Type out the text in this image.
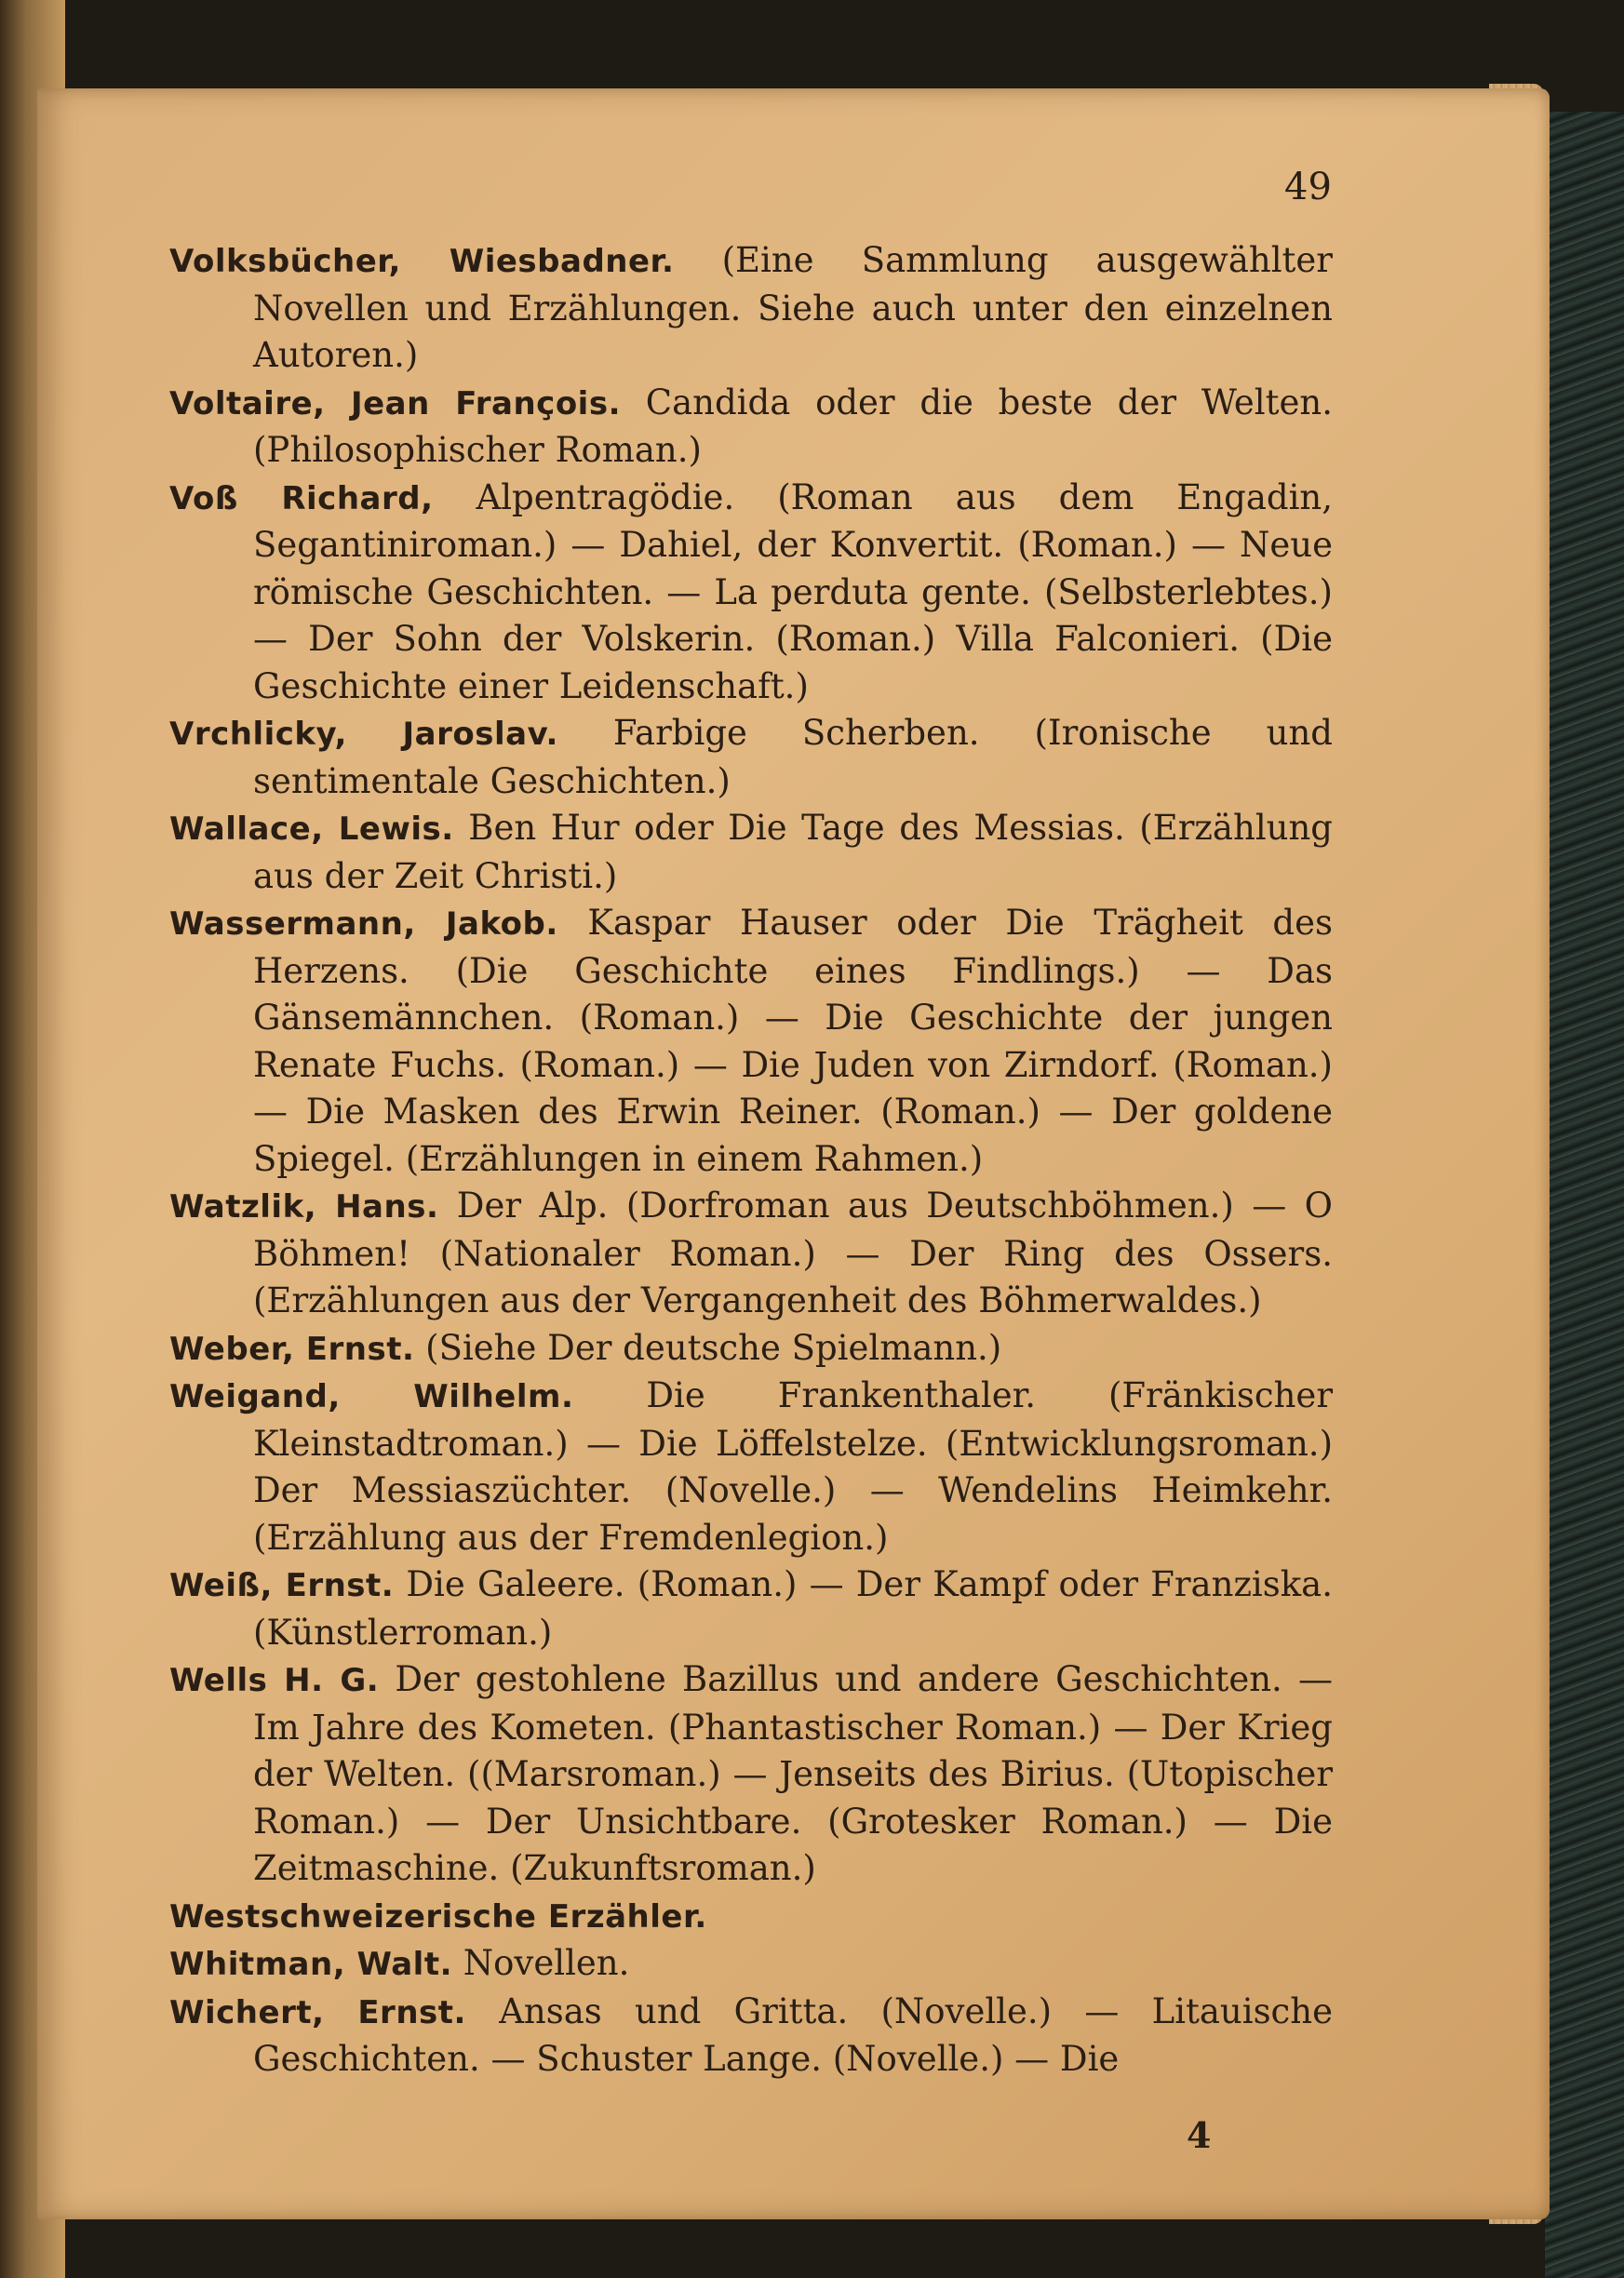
49

Volksbücher, Wiesbadner. (Eine Sammlung ausgewählter Novellen und Erzählungen. Siehe auch unter den einzelnen Autoren.)

Voltaire, Jean François. Candida oder die beste der Welten. (Philosophischer Roman.)

Voß Richard, Alpentragödie. (Roman aus dem Engadin, Segantiniroman.) — Dahiel, der Konvertit. (Roman.) — Neue römische Geschichten. — La perduta gente. (Selbsterlebtes.) — Der Sohn der Volskerin. (Roman.) Villa Falconieri. (Die Geschichte einer Leidenschaft.)

Vrchlicky, Jaroslav. Farbige Scherben. (Ironische und sentimentale Geschichten.)

Wallace, Lewis. Ben Hur oder Die Tage des Messias. (Erzählung aus der Zeit Christi.)

Wassermann, Jakob. Kaspar Hauser oder Die Trägheit des Herzens. (Die Geschichte eines Findlings.) — Das Gänsemännchen. (Roman.) — Die Geschichte der jungen Renate Fuchs. (Roman.) — Die Juden von Zirndorf. (Roman.) — Die Masken des Erwin Reiner. (Roman.) — Der goldene Spiegel. (Erzählungen in einem Rahmen.)

Watzlik, Hans. Der Alp. (Dorfroman aus Deutschböhmen.) — O Böhmen! (Nationaler Roman.) — Der Ring des Ossers. (Erzählungen aus der Vergangenheit des Böhmerwaldes.)

Weber, Ernst. (Siehe Der deutsche Spielmann.)

Weigand, Wilhelm. Die Frankenthaler. (Fränkischer Kleinstadtroman.) — Die Löffelstelze. (Entwicklungsroman.) Der Messiaszüchter. (Novelle.) — Wendelins Heimkehr. (Erzählung aus der Fremdenlegion.)

Weiß, Ernst. Die Galeere. (Roman.) — Der Kampf oder Franziska. (Künstlerroman.)

Wells H. G. Der gestohlene Bazillus und andere Geschichten. — Im Jahre des Kometen. (Phantastischer Roman.) — Der Krieg der Welten. ((Marsroman.) — Jenseits des Birius. (Utopischer Roman.) — Der Unsichtbare. (Grotesker Roman.) — Die Zeitmaschine. (Zukunftsroman.)

Westschweizerische Erzähler.

Whitman, Walt. Novellen.

Wichert, Ernst. Ansas und Gritta. (Novelle.) — Litauische Geschichten. — Schuster Lange. (Novelle.) — Die

4
